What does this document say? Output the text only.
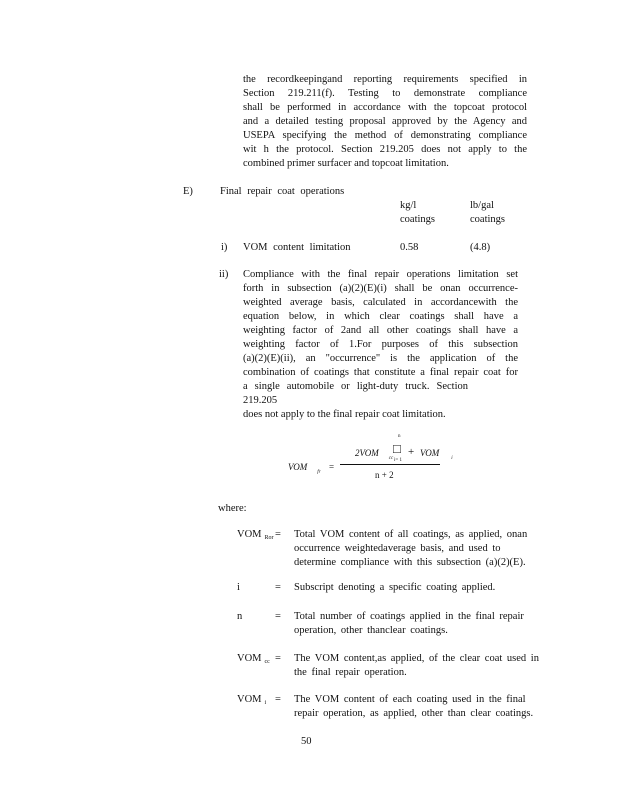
the recordkeepingand reporting requirements specified in
Section 219.211(f). Testing to demonstrate compliance
shall be performed in accordance with the topcoat protocol
and a detailed testing proposal approved by the Agency and
USEPA specifying the method of demonstrating compliance
wit h the protocol. Section 219.205 does not apply to the
combined primer surfacer and topcoat limitation.
E)	Final repair coat operations
kg/l
coatings
lb/gal
coatings
i) VOM content limitation	0.58	(4.8)
ii) Compliance with the final repair operations limitation set
forth in subsection (a)(2)(E)(i) shall be onan occurrence-
weighted average basis, calculated in accordancewith the
equation below, in which clear coatings shall have a
weighting factor of 2and all other coatings shall have a
weighting factor of 1.For purposes of this subsection
(a)(2)(E)(ii), an "occurrence" is the application of the
combination of coatings that constitute a final repair coat for
a single automobile or light-duty truck. Section 219.205
does not apply to the final repair coat limitation.
$VOM_{fr}$
=
$2VOM_{cc}$
+
n
□
i= 1
$VOM_i$
n + 2
where:
VOM Ror = Total VOM content of all coatings, as applied, onan
occurrence weightedaverage basis, and used to
determine compliance with this subsection (a)(2)(E).
i	= Subscript denoting a specific coating applied.
n	= Total number of coatings applied in the final repair
operation, other thanclear coatings.
VOM cc = The VOM content,as applied, of the clear coat used in
the final repair operation.
VOM i = The VOM content of each coating used in the final
repair operation, as applied, other than clear coatings.
50
